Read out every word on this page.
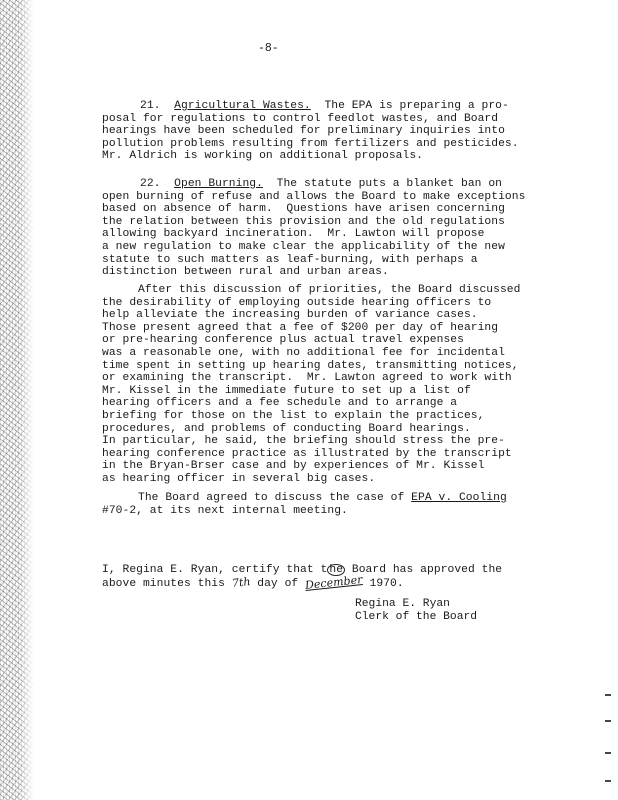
-8-
21. Agricultural Wastes. The EPA is preparing a pro-
posal for regulations to control feedlot wastes, and Board
hearings have been scheduled for preliminary inquiries into
pollution problems resulting from fertilizers and pesticides.
Mr. Aldrich is working on additional proposals.
22. Open Burning. The statute puts a blanket ban on
open burning of refuse and allows the Board to make exceptions
based on absence of harm.  Questions have arisen concerning
the relation between this provision and the old regulations
allowing backyard incineration.  Mr. Lawton will propose
a new regulation to make clear the applicability of the new
statute to such matters as leaf-burning, with perhaps a
distinction between rural and urban areas.
After this discussion of priorities, the Board discussed
the desirability of employing outside hearing officers to
help alleviate the increasing burden of variance cases.
Those present agreed that a fee of $200 per day of hearing
or pre-hearing conference plus actual travel expenses
was a reasonable one, with no additional fee for incidental
time spent in setting up hearing dates, transmitting notices,
or examining the transcript.  Mr. Lawton agreed to work with
Mr. Kissel in the immediate future to set up a list of
hearing officers and a fee schedule and to arrange a
briefing for those on the list to explain the practices,
procedures, and problems of conducting Board hearings.
In particular, he said, the briefing should stress the pre-
hearing conference practice as illustrated by the transcript
in the Bryan-Brser case and by experiences of Mr. Kissel
as hearing officer in several big cases.
The Board agreed to discuss the case of EPA v. Cooling
#70-2, at its next internal meeting.
I, Regina E. Ryan, certify that t he Board has approved the
above minutes this 7th day of December 1970.
Regina E. Ryan
Clerk of the Board
